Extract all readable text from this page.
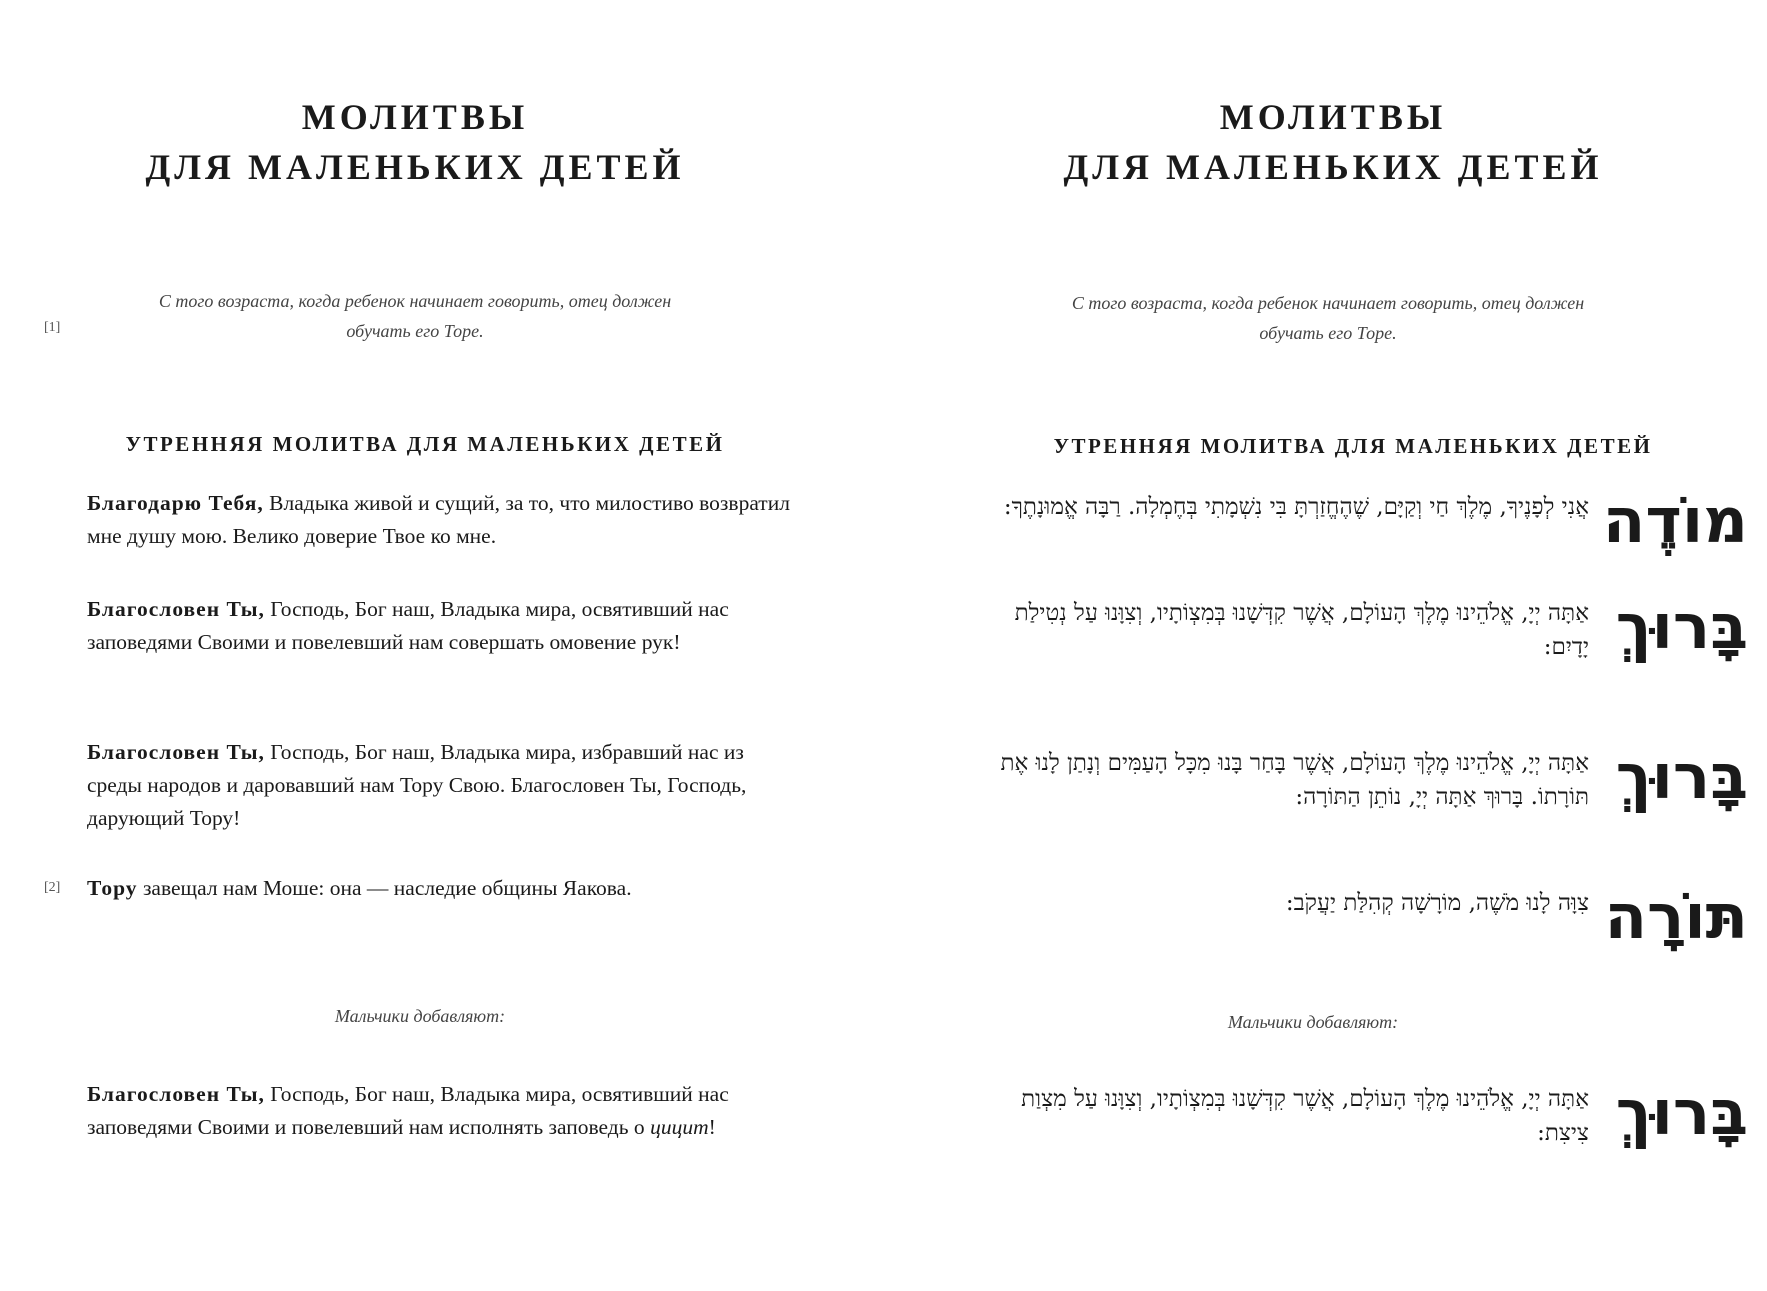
МОЛИТВЫ
ДЛЯ МАЛЕНЬКИХ ДЕТЕЙ
С того возраста, когда ребенок начинает говорить, отец должен обучать его Торе.
[1]
УТРЕННЯЯ МОЛИТВА ДЛЯ МАЛЕНЬКИХ ДЕТЕЙ

Благодарю Тебя, Владыка живой и сущий, за то, что милостиво возвратил мне душу мою. Велико доверие Твое ко мне.

Благословен Ты, Господь, Бог наш, Владыка мира, освятивший нас заповедями Своими и повелевший нам совершать омовение рук!

Благословен Ты, Господь, Бог наш, Владыка мира, избравший нас из среды народов и даровавший нам Тору Свою. Благословен Ты, Господь, дарующий Тору!

[2] Тору завещал нам Моше: она — наследие общины Яакова.

Мальчики добавляют:

Благословен Ты, Господь, Бог наш, Владыка мира, освятивший нас заповедями Своими и повелевший нам исполнять заповедь о цицит!

МОЛИТВЫ
ДЛЯ МАЛЕНЬКИХ ДЕТЕЙ
С того возраста, когда ребенок начинает говорить, отец должен обучать его Торе.
УТРЕННЯЯ МОЛИТВА ДЛЯ МАЛЕНЬКИХ ДЕТЕЙ
מוֹדֶה
אֲנִי לְפָנֶיךָ, מֶלֶךְ חַי וְקַיָּם, שֶׁהֶחֱזַרְתָּ בִּי נִשְׁמָתִי בְּחֶמְלָה. רַבָּה אֱמוּנָתֶךָ:
בָּרוּךְ
אַתָּה יְיָ, אֱלֹהֵינוּ מֶלֶךְ הָעוֹלָם, אֲשֶׁר קִדְּשָׁנוּ בְּמִצְוֹתָיו, וְצִוָּנוּ עַל נְטִילַת יָדָיִם:
בָּרוּךְ
אַתָּה יְיָ, אֱלֹהֵינוּ מֶלֶךְ הָעוֹלָם, אֲשֶׁר בָּחַר בָּנוּ מִכָּל הָעַמִּים וְנָתַן לָנוּ אֶת תּוֹרָתוֹ. בָּרוּךְ אַתָּה יְיָ, נוֹתֵן הַתּוֹרָה:
תּוֹרָה
צִוָּה לָנוּ מֹשֶׁה, מוֹרָשָׁה קְהִלַּת יַעֲקֹב:
Мальчики добавляют:
בָּרוּךְ
אַתָּה יְיָ, אֱלֹהֵינוּ מֶלֶךְ הָעוֹלָם, אֲשֶׁר קִדְּשָׁנוּ בְּמִצְוֹתָיו, וְצִוָּנוּ עַל מִצְוַת צִיצִת:
